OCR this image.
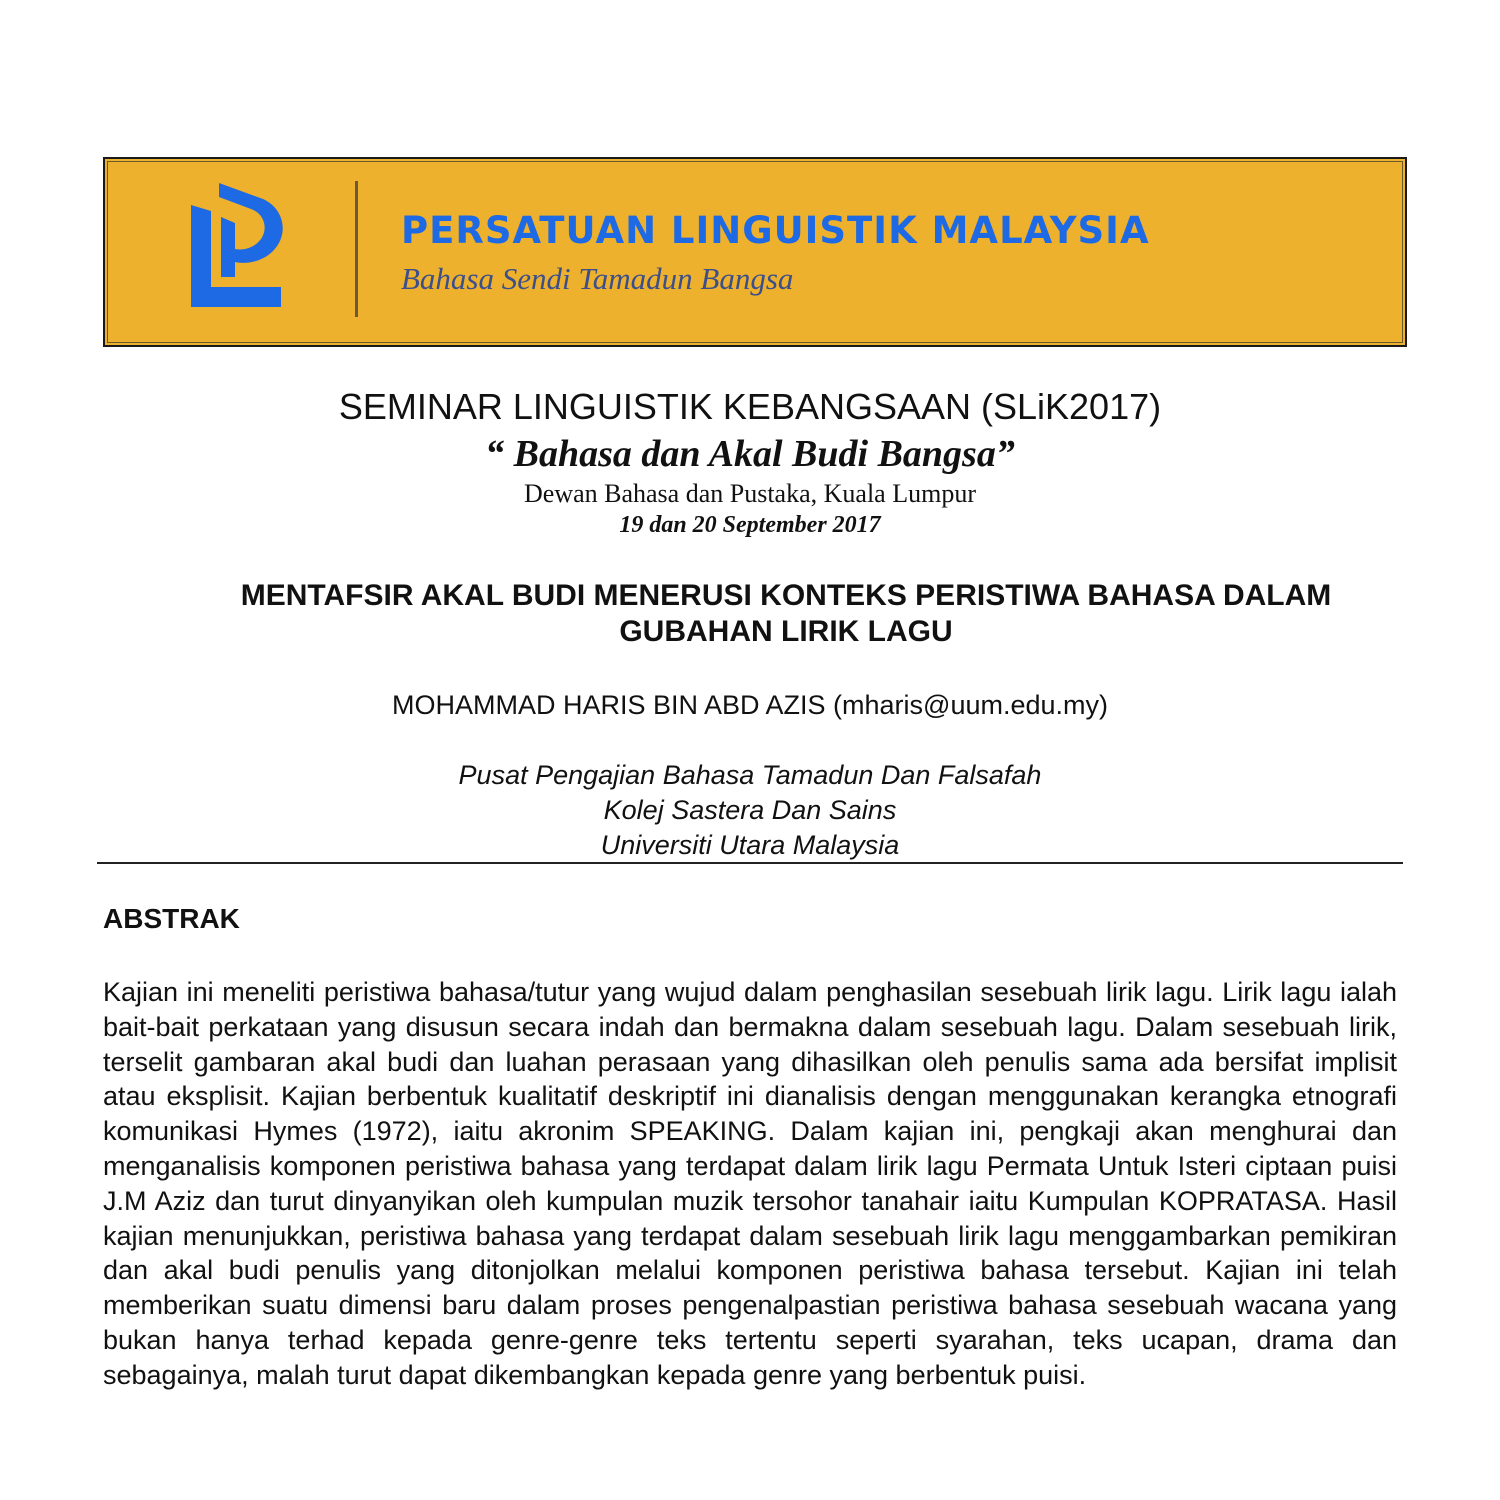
PERSATUAN LINGUISTIK MALAYSIA
Bahasa Sendi Tamadun Bangsa
SEMINAR LINGUISTIK KEBANGSAAN (SLiK2017)
“ Bahasa dan Akal Budi Bangsa”
Dewan Bahasa dan Pustaka, Kuala Lumpur
19 dan 20 September 2017
MENTAFSIR AKAL BUDI MENERUSI KONTEKS PERISTIWA BAHASA DALAM
GUBAHAN LIRIK LAGU
MOHAMMAD HARIS BIN ABD AZIS (mharis@uum.edu.my)
Pusat Pengajian Bahasa Tamadun Dan Falsafah
Kolej Sastera Dan Sains
Universiti Utara Malaysia
ABSTRAK

Kajian ini meneliti peristiwa bahasa/tutur yang wujud dalam penghasilan sesebuah lirik lagu. Lirik lagu ialah bait-bait perkataan yang disusun secara indah dan bermakna dalam sesebuah lagu. Dalam sesebuah lirik, terselit gambaran akal budi dan luahan perasaan yang dihasilkan oleh penulis sama ada bersifat implisit atau eksplisit. Kajian berbentuk kualitatif deskriptif ini dianalisis dengan menggunakan kerangka etnografi komunikasi Hymes (1972), iaitu akronim SPEAKING. Dalam kajian ini, pengkaji akan menghurai dan menganalisis komponen peristiwa bahasa yang terdapat dalam lirik lagu Permata Untuk Isteri ciptaan puisi J.M Aziz dan turut dinyanyikan oleh kumpulan muzik tersohor tanahair iaitu Kumpulan KOPRATASA. Hasil kajian menunjukkan, peristiwa bahasa yang terdapat dalam sesebuah lirik lagu menggambarkan pemikiran dan akal budi penulis yang ditonjolkan melalui komponen peristiwa bahasa tersebut. Kajian ini telah memberikan suatu dimensi baru dalam proses pengenalpastian peristiwa bahasa sesebuah wacana yang bukan hanya terhad kepada genre-genre teks tertentu seperti syarahan, teks ucapan, drama dan sebagainya, malah turut dapat dikembangkan kepada genre yang berbentuk puisi.
